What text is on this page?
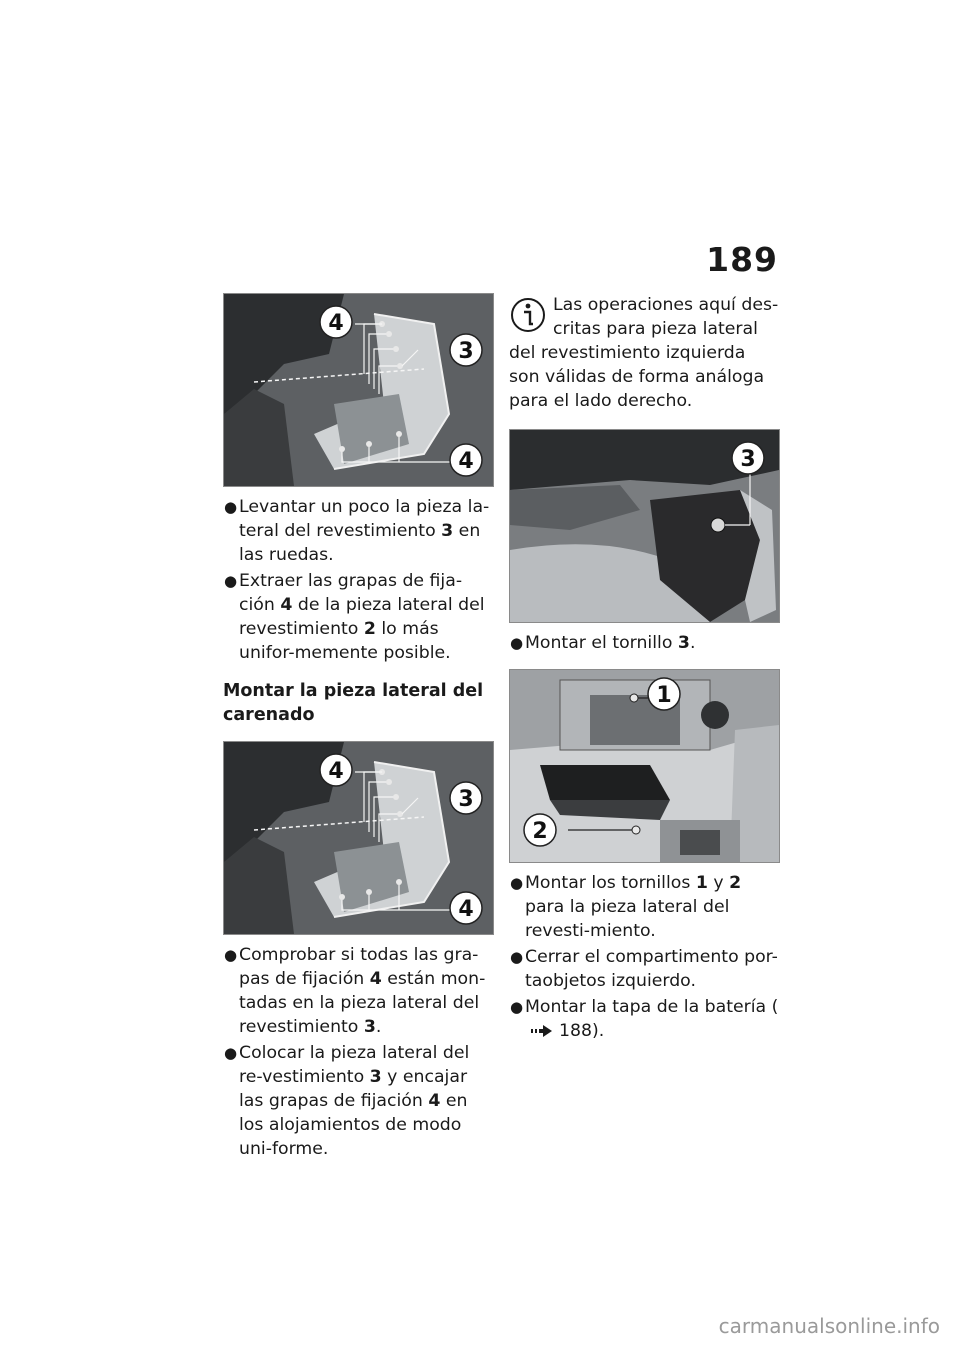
189
4
3
4
● Levantar un poco la pieza la-teral del revestimiento 3 en las ruedas.
● Extraer las grapas de fija-ción 4 de la pieza lateral del revestimiento 2 lo más unifor-memente posible.
Montar la pieza lateral del carenado
4
3
4
● Comprobar si todas las gra-pas de fijación 4 están mon-tadas en la pieza lateral del revestimiento 3.
● Colocar la pieza lateral del re-vestimiento 3 y encajar las grapas de fijación 4 en los alojamientos de modo uni-forme.
Las operaciones aquí des-critas para pieza lateral del revestimiento izquierda son válidas de forma análoga para el lado derecho.
3
● Montar el tornillo 3.
1
2
● Montar los tornillos 1 y 2 para la pieza lateral del revesti-miento.
● Cerrar el compartimento por-taobjetos izquierdo.
● Montar la tapa de la batería (188).
carmanualsonline.info
